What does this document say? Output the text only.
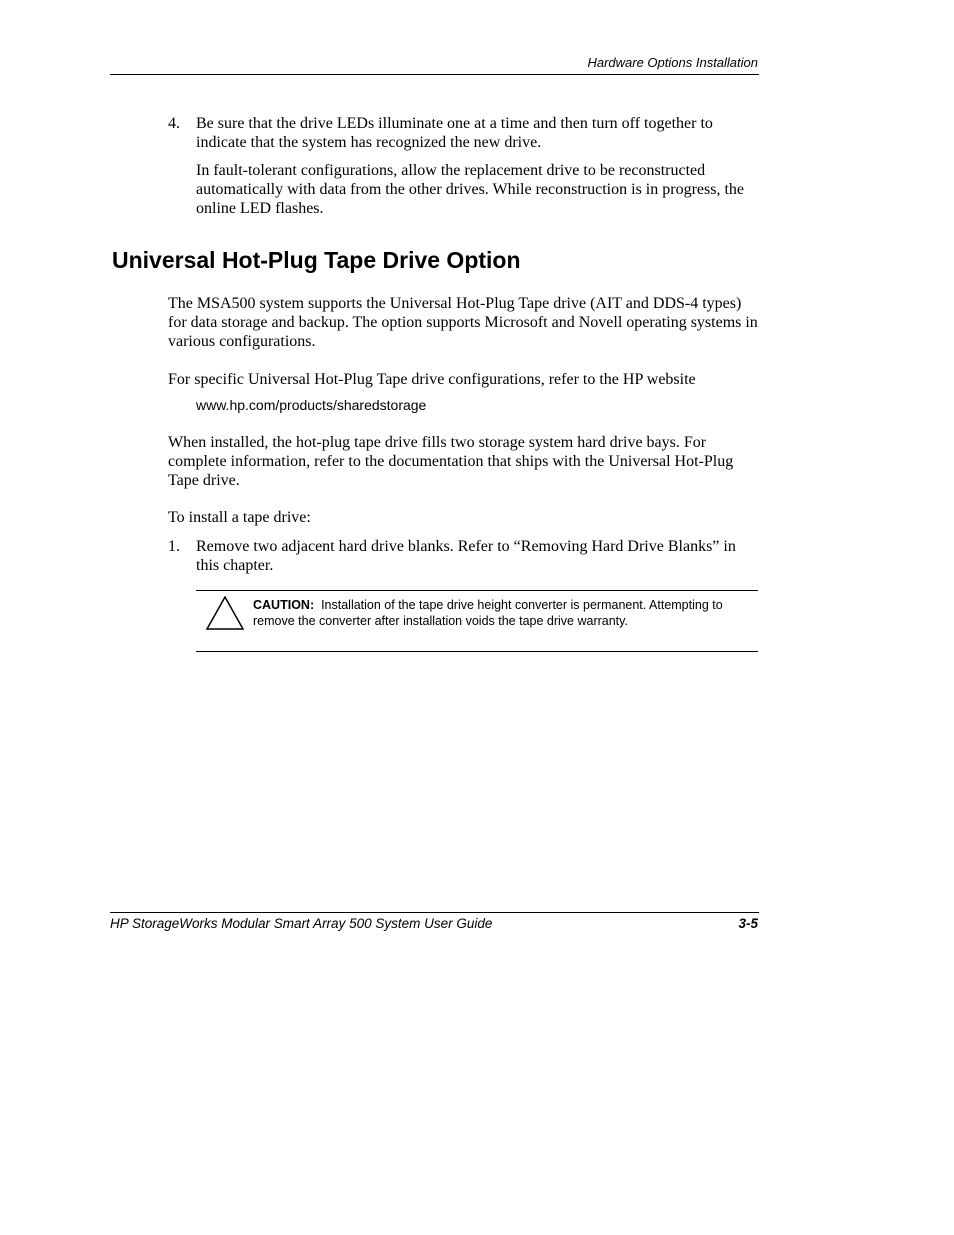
Hardware Options Installation
4. Be sure that the drive LEDs illuminate one at a time and then turn off together to indicate that the system has recognized the new drive.
In fault-tolerant configurations, allow the replacement drive to be reconstructed automatically with data from the other drives. While reconstruction is in progress, the online LED flashes.
Universal Hot-Plug Tape Drive Option
The MSA500 system supports the Universal Hot-Plug Tape drive (AIT and DDS-4 types) for data storage and backup. The option supports Microsoft and Novell operating systems in various configurations.
For specific Universal Hot-Plug Tape drive configurations, refer to the HP website
www.hp.com/products/sharedstorage
When installed, the hot-plug tape drive fills two storage system hard drive bays. For complete information, refer to the documentation that ships with the Universal Hot-Plug Tape drive.
To install a tape drive:
1. Remove two adjacent hard drive blanks. Refer to “Removing Hard Drive Blanks” in this chapter.
CAUTION: Installation of the tape drive height converter is permanent. Attempting to remove the converter after installation voids the tape drive warranty.
HP StorageWorks Modular Smart Array 500 System User Guide	3-5
